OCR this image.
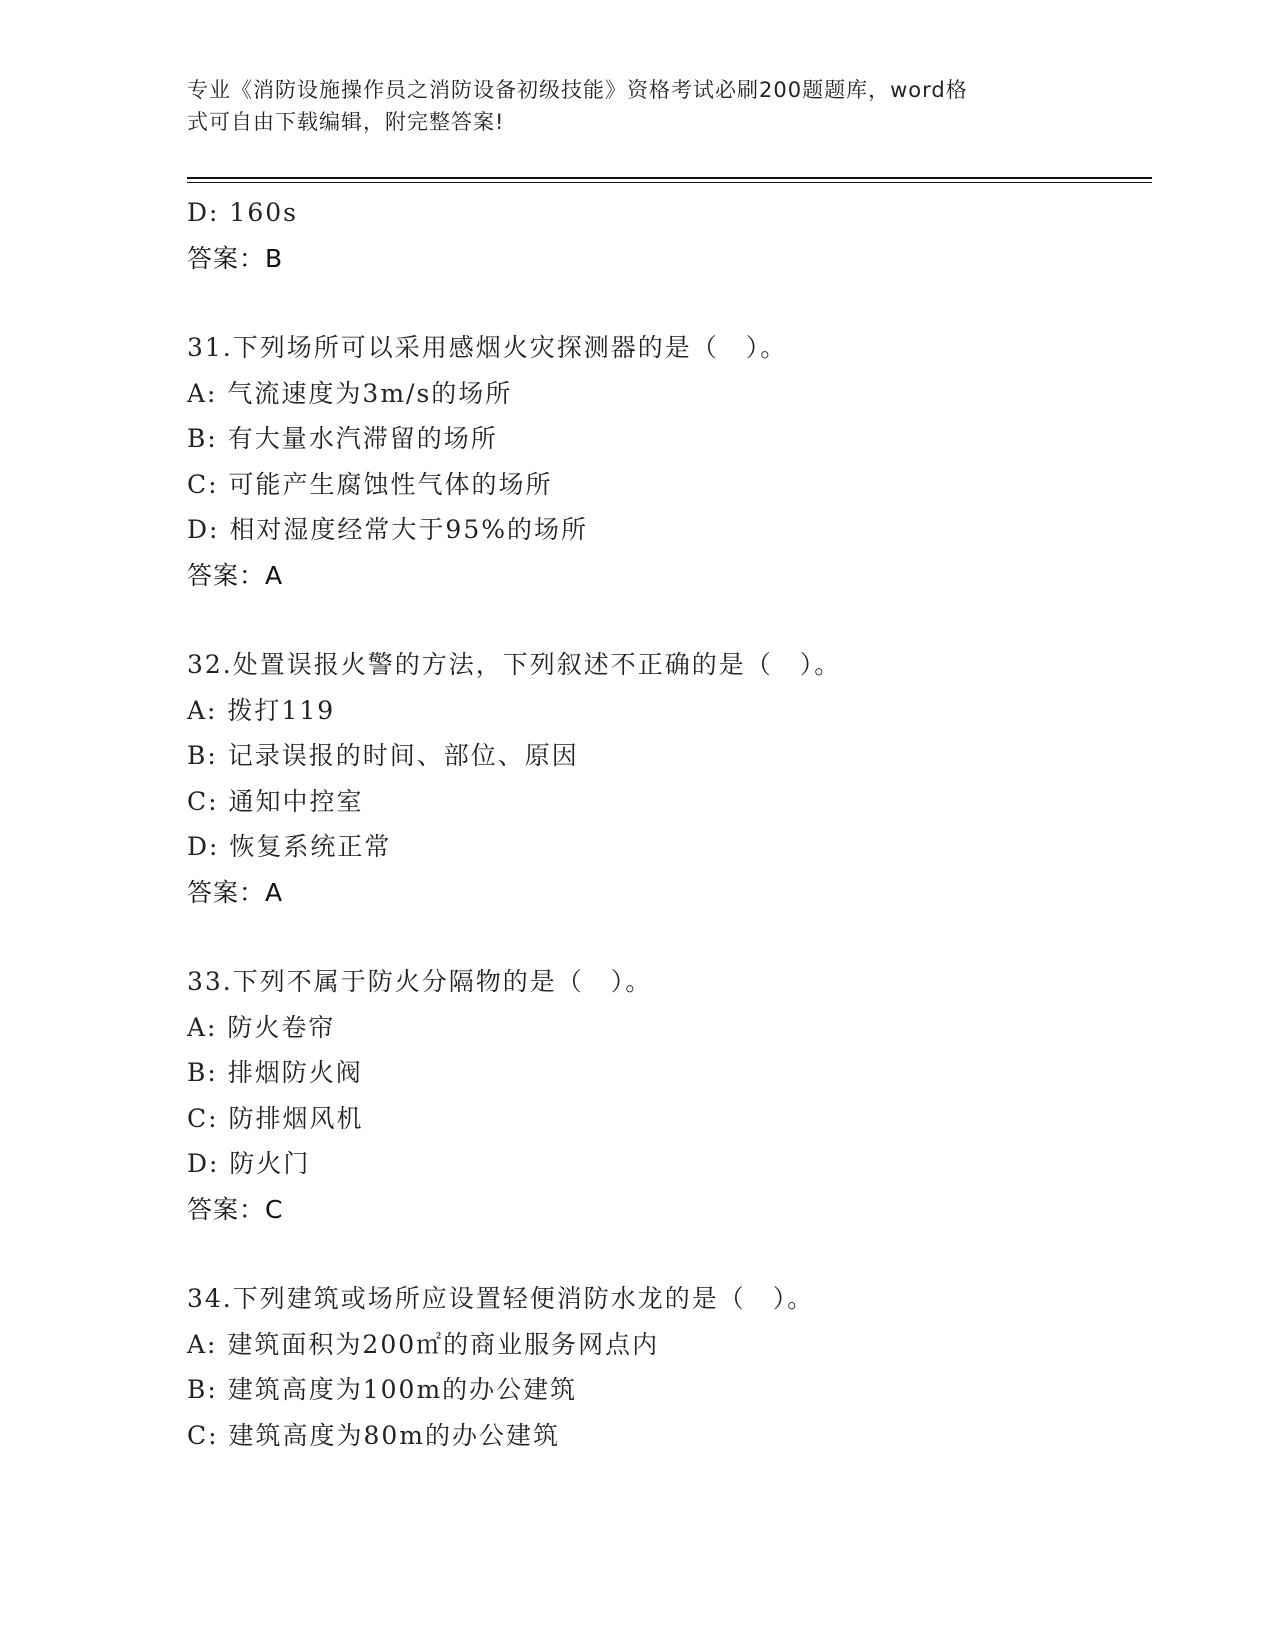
专业《消防设施操作员之消防设备初级技能》资格考试必刷200题题库，word格
式可自由下载编辑，附完整答案!
D: 160s
答案：B
31.下列场所可以采用感烟火灾探测器的是（　）。
A: 气流速度为3m/s的场所
B: 有大量水汽滞留的场所
C: 可能产生腐蚀性气体的场所
D: 相对湿度经常大于95%的场所
答案：A
32.处置误报火警的方法，下列叙述不正确的是（　）。
A: 拨打119
B: 记录误报的时间、部位、原因
C: 通知中控室
D: 恢复系统正常
答案：A
33.下列不属于防火分隔物的是（　）。
A: 防火卷帘
B: 排烟防火阀
C: 防排烟风机
D: 防火门
答案：C
34.下列建筑或场所应设置轻便消防水龙的是（　）。
A: 建筑面积为200㎡的商业服务网点内
B: 建筑高度为100m的办公建筑
C: 建筑高度为80m的办公建筑
